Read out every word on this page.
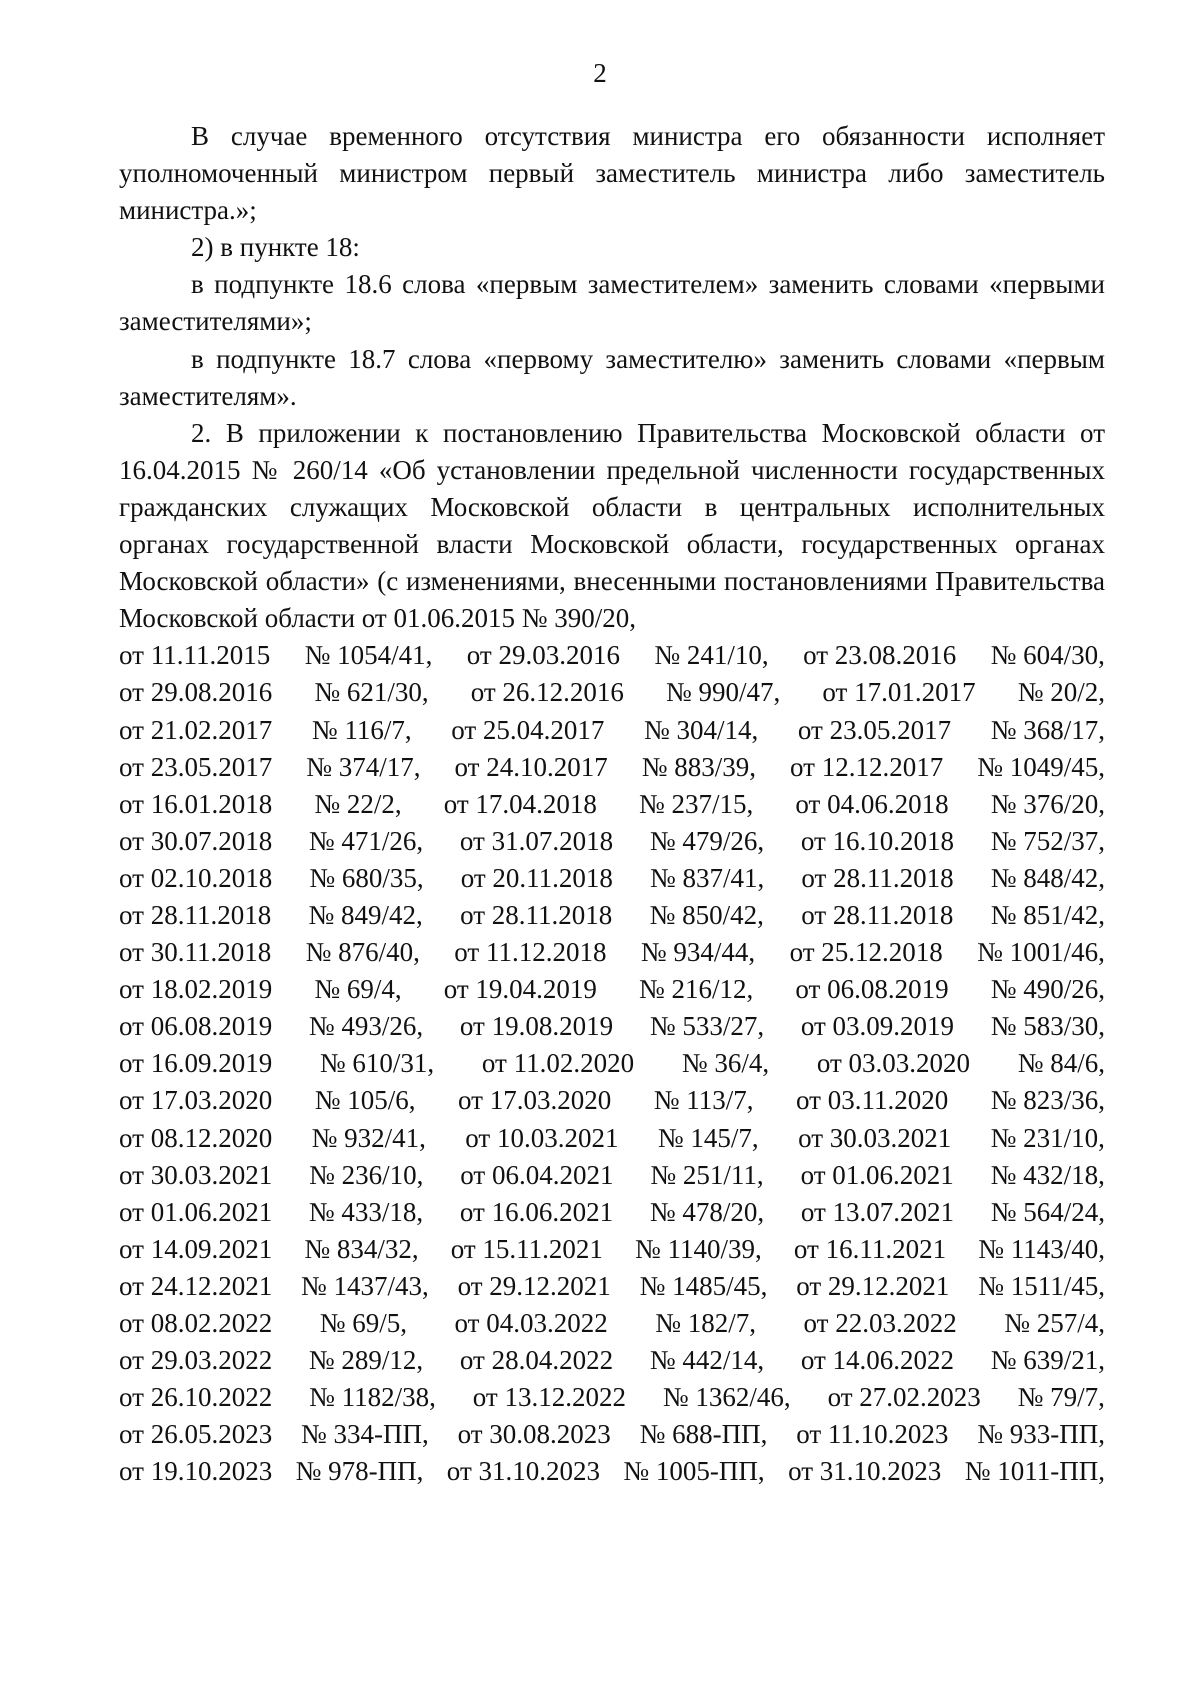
2

В случае временного отсутствия министра его обязанности исполняет уполномоченный министром первый заместитель министра либо заместитель министра.»;

2) в пункте 18:

в подпункте 18.6 слова «первым заместителем» заменить словами «первыми заместителями»;

в подпункте 18.7 слова «первому заместителю» заменить словами «первым заместителям».

2. В приложении к постановлению Правительства Московской области от 16.04.2015 № 260/14 «Об установлении предельной численности государственных гражданских служащих Московской области в центральных исполнительных органах государственной власти Московской области, государственных органах Московской области» (с изменениями, внесенными постановлениями Правительства Московской области от 01.06.2015 № 390/20,

от 11.11.2015 № 1054/41, от 29.03.2016 № 241/10, от 23.08.2016 № 604/30,
от 29.08.2016 № 621/30, от 26.12.2016 № 990/47, от 17.01.2017 № 20/2,
от 21.02.2017 № 116/7, от 25.04.2017 № 304/14, от 23.05.2017 № 368/17,
от 23.05.2017 № 374/17, от 24.10.2017 № 883/39, от 12.12.2017 № 1049/45,
от 16.01.2018 № 22/2, от 17.04.2018 № 237/15, от 04.06.2018 № 376/20,
от 30.07.2018 № 471/26, от 31.07.2018 № 479/26, от 16.10.2018 № 752/37,
от 02.10.2018 № 680/35, от 20.11.2018 № 837/41, от 28.11.2018 № 848/42,
от 28.11.2018 № 849/42, от 28.11.2018 № 850/42, от 28.11.2018 № 851/42,
от 30.11.2018 № 876/40, от 11.12.2018 № 934/44, от 25.12.2018 № 1001/46,
от 18.02.2019 № 69/4, от 19.04.2019 № 216/12, от 06.08.2019 № 490/26,
от 06.08.2019 № 493/26, от 19.08.2019 № 533/27, от 03.09.2019 № 583/30,
от 16.09.2019 № 610/31, от 11.02.2020 № 36/4, от 03.03.2020 № 84/6,
от 17.03.2020 № 105/6, от 17.03.2020 № 113/7, от 03.11.2020 № 823/36,
от 08.12.2020 № 932/41, от 10.03.2021 № 145/7, от 30.03.2021 № 231/10,
от 30.03.2021 № 236/10, от 06.04.2021 № 251/11, от 01.06.2021 № 432/18,
от 01.06.2021 № 433/18, от 16.06.2021 № 478/20, от 13.07.2021 № 564/24,
от 14.09.2021 № 834/32, от 15.11.2021 № 1140/39, от 16.11.2021 № 1143/40,
от 24.12.2021 № 1437/43, от 29.12.2021 № 1485/45, от 29.12.2021 № 1511/45,
от 08.02.2022 № 69/5, от 04.03.2022 № 182/7, от 22.03.2022 № 257/4,
от 29.03.2022 № 289/12, от 28.04.2022 № 442/14, от 14.06.2022 № 639/21,
от 26.10.2022 № 1182/38, от 13.12.2022 № 1362/46, от 27.02.2023 № 79/7,
от 26.05.2023 № 334-ПП, от 30.08.2023 № 688-ПП, от 11.10.2023 № 933-ПП,
от 19.10.2023 № 978-ПП, от 31.10.2023 № 1005-ПП, от 31.10.2023 № 1011-ПП,
